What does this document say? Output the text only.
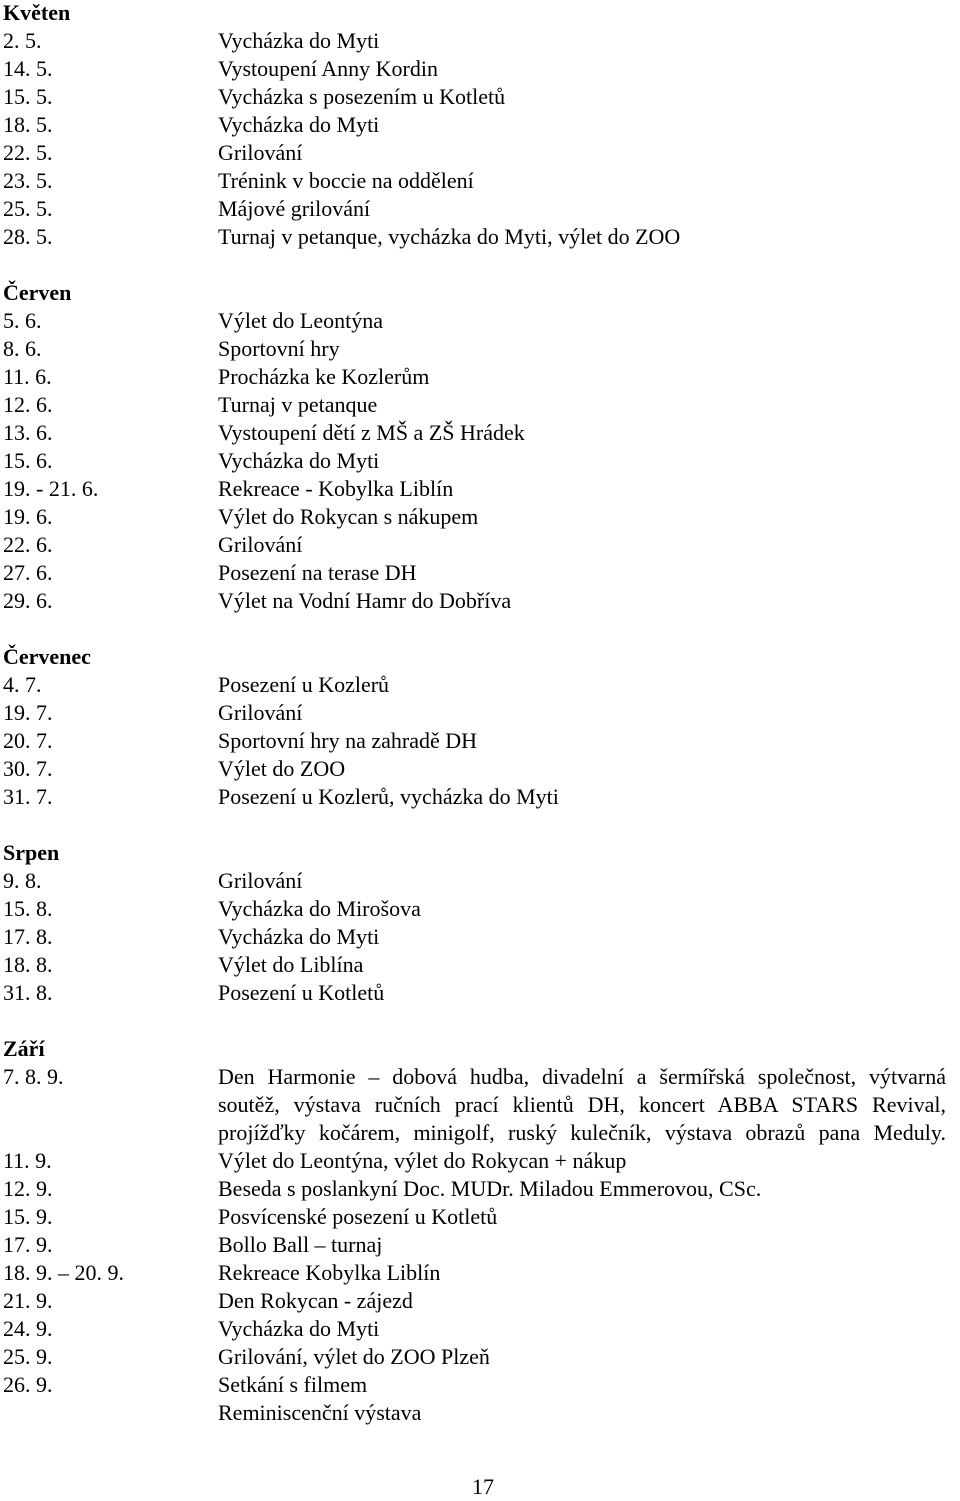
Květen
2. 5.	Vycházka do Myti
14. 5.	Vystoupení Anny Kordin
15. 5.	Vycházka s posezením u Kotletů
18. 5.	Vycházka do Myti
22. 5.	Grilování
23. 5.	Trénink v boccie na oddělení
25. 5.	Májové grilování
28. 5.	Turnaj v petanque, vycházka do Myti, výlet do ZOO
Červen
5. 6.	Výlet do Leontýna
8. 6.	Sportovní hry
11. 6.	Procházka ke Kozlerům
12. 6.	Turnaj v petanque
13. 6.	Vystoupení dětí z MŠ a ZŠ Hrádek
15. 6.	Vycházka do Myti
19. - 21. 6.	Rekreace - Kobylka Liblín
19. 6.	Výlet do Rokycan s nákupem
22. 6.	Grilování
27. 6.	Posezení na terase DH
29. 6.	Výlet na Vodní Hamr do Dobříva
Červenec
4. 7.	Posezení u Kozlerů
19. 7.	Grilování
20. 7.	Sportovní hry na zahradě DH
30. 7.	Výlet do ZOO
31. 7.	Posezení u Kozlerů, vycházka do Myti
Srpen
9. 8.	Grilování
15. 8.	Vycházka do Mirošova
17. 8.	Vycházka do Myti
18. 8.	Výlet do Liblína
31. 8.	Posezení u Kotletů
Září
7. 8. 9.	Den Harmonie – dobová hudba, divadelní a šermířská společnost, výtvarná
soutěž, výstava ručních prací klientů DH, koncert ABBA STARS Revival,
projížďky kočárem, minigolf, ruský kulečník, výstava obrazů pana Meduly.
11. 9.	Výlet do Leontýna, výlet do Rokycan + nákup
12. 9.	Beseda s poslankyní Doc. MUDr. Miladou Emmerovou, CSc.
15. 9.	Posvícenské posezení u Kotletů
17. 9.	Bollo Ball – turnaj
18. 9. – 20. 9.	Rekreace Kobylka Liblín
21. 9.	Den Rokycan - zájezd
24. 9.	Vycházka do Myti
25. 9.	Grilování, výlet do ZOO Plzeň
26. 9.	Setkání s filmem
Reminiscenční výstava
17
